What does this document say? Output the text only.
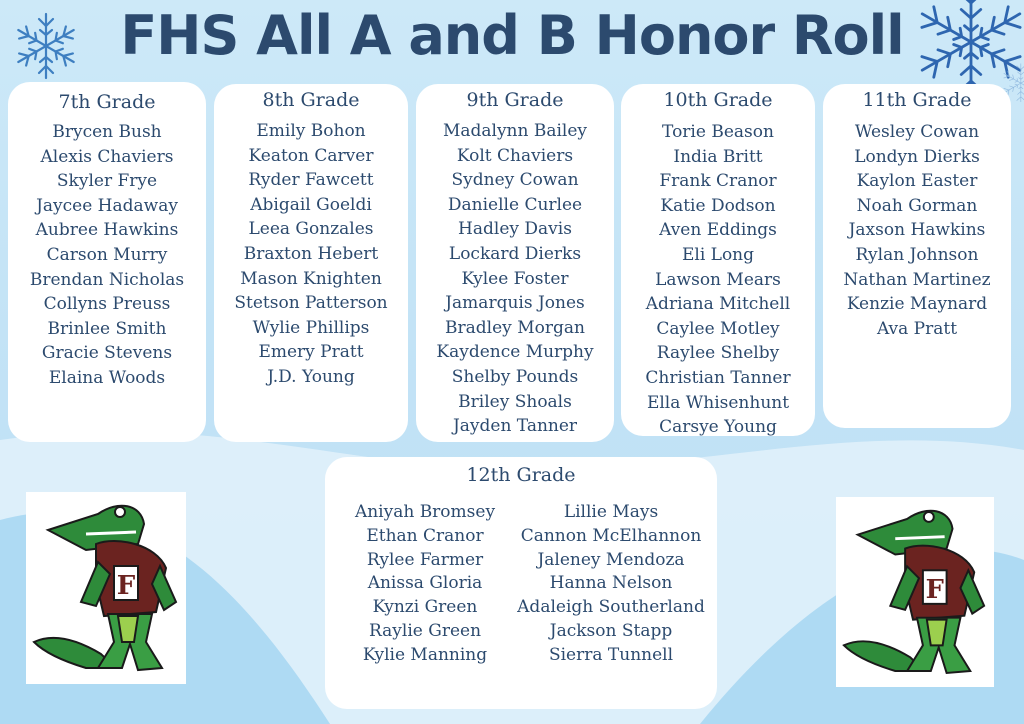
FHS All A and B Honor Roll
7th Grade
Brycen Bush
Alexis Chaviers
Skyler Frye
Jaycee Hadaway
Aubree Hawkins
Carson Murry
Brendan Nicholas
Collyns Preuss
Brinlee Smith
Gracie Stevens
Elaina Woods
8th Grade
Emily Bohon
Keaton Carver
Ryder Fawcett
Abigail Goeldi
Leea Gonzales
Braxton Hebert
Mason Knighten
Stetson Patterson
Wylie Phillips
Emery Pratt
J.D. Young
9th Grade
Madalynn Bailey
Kolt Chaviers
Sydney Cowan
Danielle Curlee
Hadley Davis
Lockard Dierks
Kylee Foster
Jamarquis Jones
Bradley Morgan
Kaydence Murphy
Shelby Pounds
Briley Shoals
Jayden Tanner
10th Grade
Torie Beason
India Britt
Frank Cranor
Katie Dodson
Aven Eddings
Eli Long
Lawson Mears
Adriana Mitchell
Caylee Motley
Raylee Shelby
Christian Tanner
Ella Whisenhunt
Carsye Young
11th Grade
Wesley Cowan
Londyn Dierks
Kaylon Easter
Noah Gorman
Jaxson Hawkins
Rylan Johnson
Nathan Martinez
Kenzie Maynard
Ava Pratt
12th Grade
Aniyah Bromsey
Ethan Cranor
Rylee Farmer
Anissa Gloria
Kynzi Green
Raylie Green
Kylie Manning
Lillie Mays
Cannon McElhannon
Jaleney Mendoza
Hanna Nelson
Adaleigh Southerland
Jackson Stapp
Sierra Tunnell
F	F
